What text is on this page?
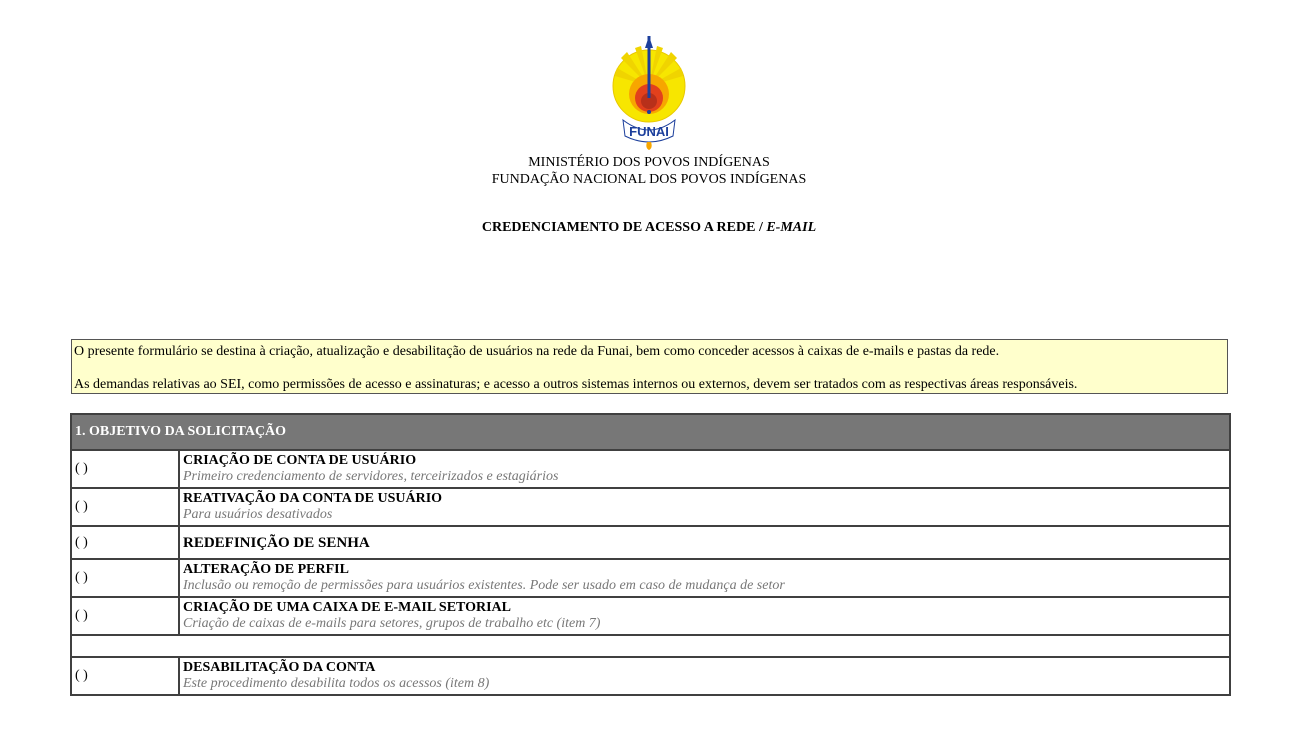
FUNAI
MINISTÉRIO DOS POVOS INDÍGENAS
FUNDAÇÃO NACIONAL DOS POVOS INDÍGENAS
CREDENCIAMENTO DE ACESSO A REDE / E-MAIL

O presente formulário se destina à criação, atualização e desabilitação de usuários na rede da Funai, bem como conceder acessos à caixas de e-mails e pastas da rede.

As demandas relativas ao SEI, como permissões de acesso e assinaturas; e acesso a outros sistemas internos ou externos, devem ser tratados com as respectivas áreas responsáveis.

1. OBJETIVO DA SOLICITAÇÃO	
( )	CRIAÇÃO DE CONTA DE USUÁRIO
Primeiro credenciamento de servidores, terceirizados e estagiários

( )	REATIVAÇÃO DA CONTA DE USUÁRIO
Para usuários desativados

( )	REDEFINIÇÃO DE SENHA

( )	ALTERAÇÃO DE PERFIL
Inclusão ou remoção de permissões para usuários existentes. Pode ser usado em caso de mudança de setor

( )	CRIAÇÃO DE UMA CAIXA DE E-MAIL SETORIAL
Criação de caixas de e-mails para setores, grupos de trabalho etc (item 7)

( )	DESABILITAÇÃO DA CONTA
Este procedimento desabilita todos os acessos (item 8)
